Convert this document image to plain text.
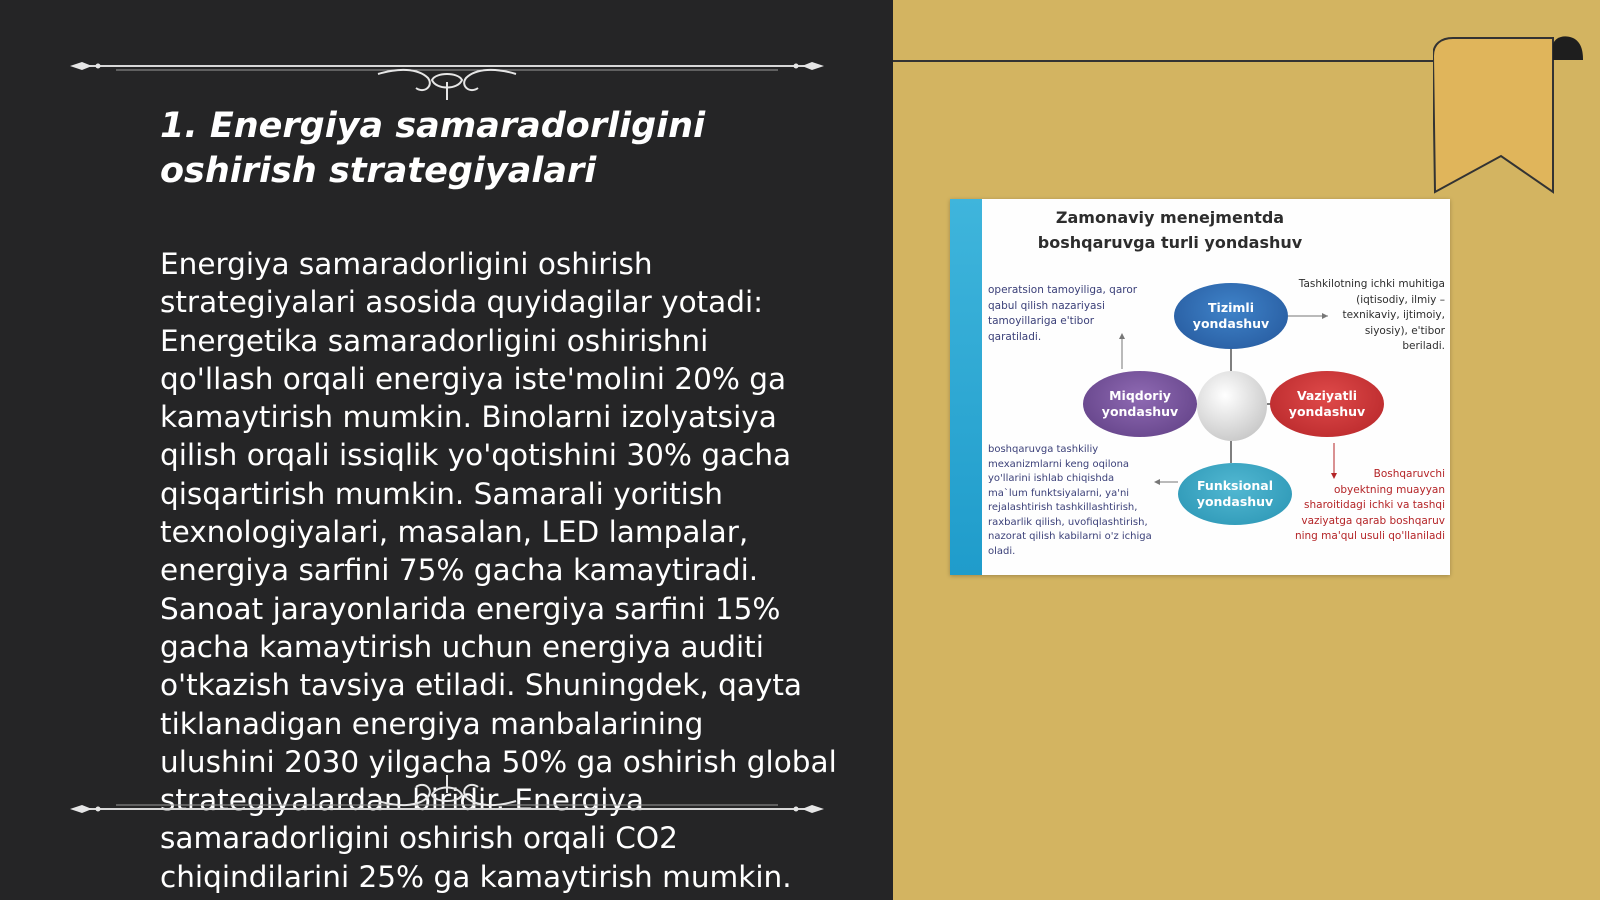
1. Energiya samaradorligini oshirish strategiyalari

Energiya samaradorligini oshirish
strategiyalari asosida quyidagilar yotadi:
Energetika samaradorligini oshirishni
qo'llash orqali energiya iste'molini 20% ga
kamaytirish mumkin. Binolarni izolyatsiya
qilish orqali issiqlik yo'qotishini 30% gacha
qisqartirish mumkin. Samarali yoritish
texnologiyalari, masalan, LED lampalar,
energiya sarfini 75% gacha kamaytiradi.
Sanoat jarayonlarida energiya sarfini 15%
gacha kamaytirish uchun energiya auditi
o'tkazish tavsiya etiladi. Shuningdek, qayta
tiklanadigan energiya manbalarining
ulushini 2030 yilgacha 50% ga oshirish global
strategiyalardan biridir. Energiya
samaradorligini oshirish orqali CO2
chiqindilarini 25% ga kamaytirish mumkin.

Zamonaviy menejmentda
boshqaruvga turli yondashuv
operatsion tamoyiliga, qaror
qabul qilish nazariyasi
tamoyillariga e'tibor
qaratiladi.
Tashkilotning ichki muhitiga
(iqtisodiy, ilmiy –
texnikaviy, ijtimoiy,
siyosiy), e'tibor
beriladi.
boshqaruvga tashkiliy
mexanizmlarni keng oqilona
yo'llarini ishlab chiqishda
ma`lum funktsiyalarni, ya'ni
rejalashtirish tashkillashtirish,
raxbarlik qilish, uvofiqlashtirish,
nazorat qilish kabilarni o'z ichiga
oladi.
Boshqaruvchi
obyektning muayyan
sharoitidagi ichki va tashqi
vaziyatga qarab boshqaruv
ning ma'qul usuli qo'llaniladi
Tizimli
yondashuv
Miqdoriy
yondashuv
Vaziyatli
yondashuv
Funksional
yondashuv
